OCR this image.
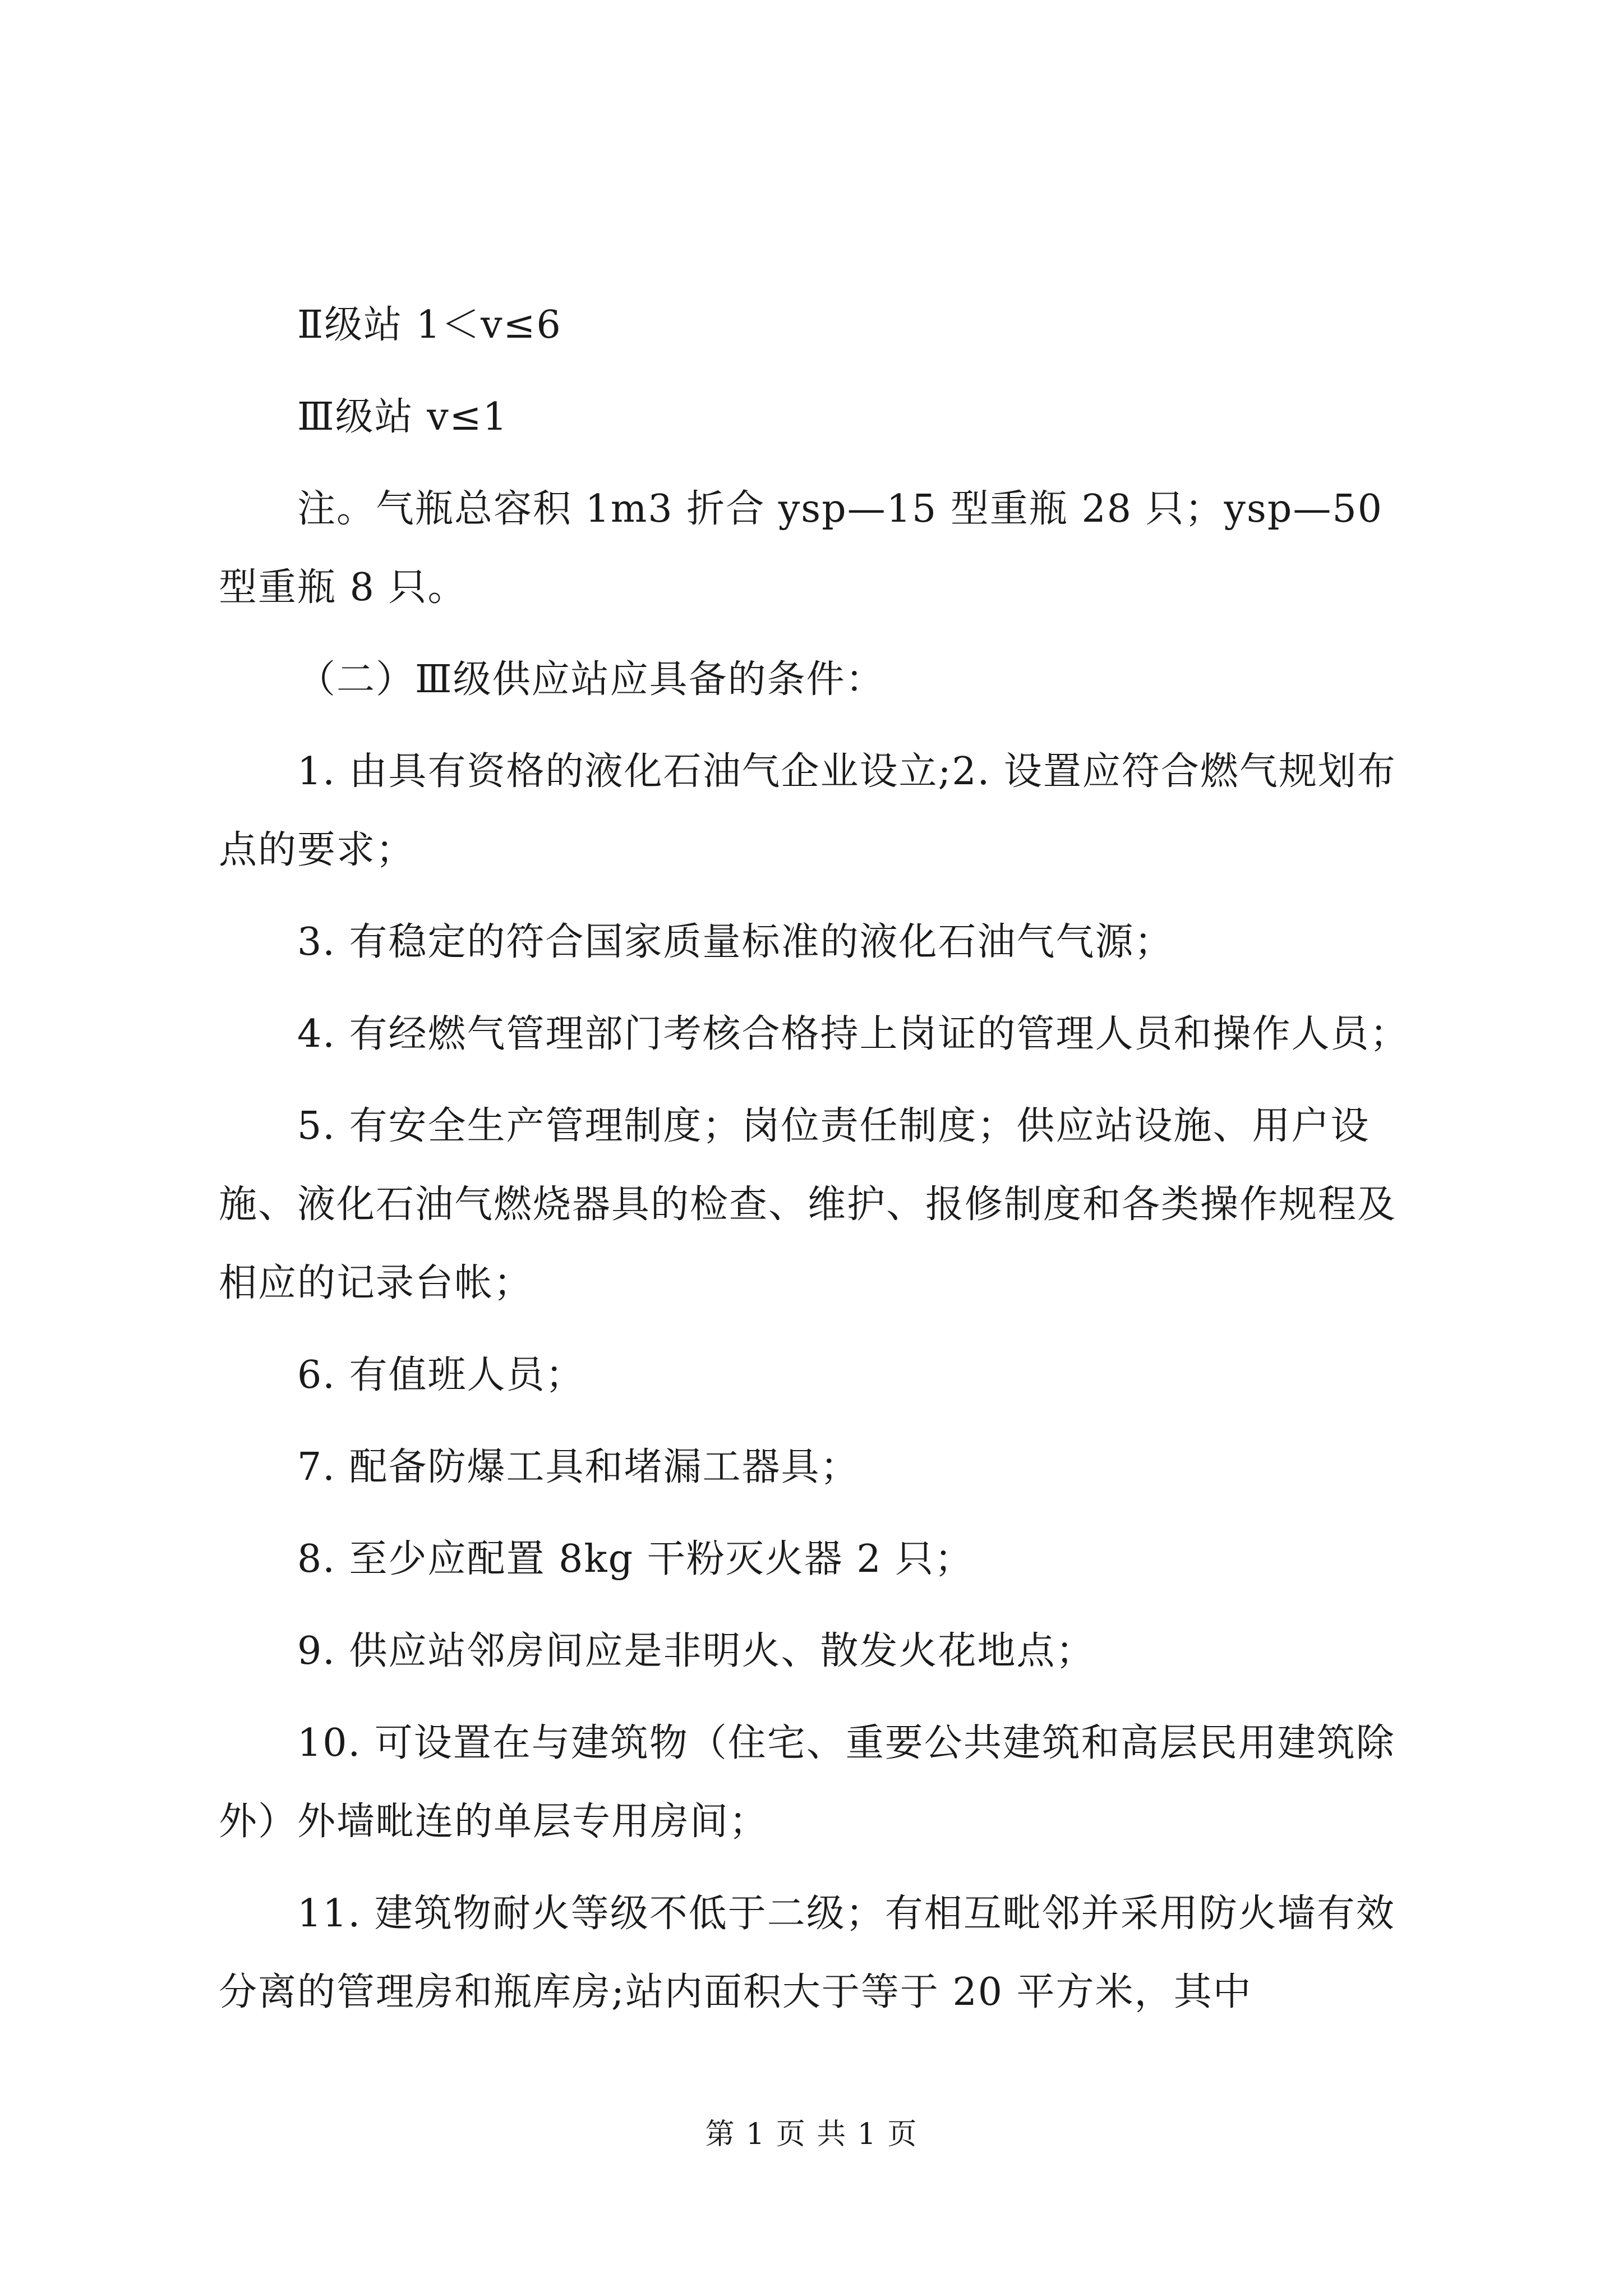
Ⅱ级站 1＜v≤6

Ⅲ级站 v≤1

注。气瓶总容积 1m3 折合 ysp—15 型重瓶 28 只；ysp—50 型重瓶 8 只。

（二）Ⅲ级供应站应具备的条件：

1. 由具有资格的液化石油气企业设立;2. 设置应符合燃气规划布点的要求；

3. 有稳定的符合国家质量标准的液化石油气气源；

4. 有经燃气管理部门考核合格持上岗证的管理人员和操作人员；

5. 有安全生产管理制度；岗位责任制度；供应站设施、用户设施、液化石油气燃烧器具的检查、维护、报修制度和各类操作规程及相应的记录台帐；

6. 有值班人员；

7. 配备防爆工具和堵漏工器具；

8. 至少应配置 8kg 干粉灭火器 2 只；

9. 供应站邻房间应是非明火、散发火花地点；

10. 可设置在与建筑物（住宅、重要公共建筑和高层民用建筑除外）外墙毗连的单层专用房间；

11. 建筑物耐火等级不低于二级；有相互毗邻并采用防火墙有效分离的管理房和瓶库房;站内面积大于等于 20 平方米，其中

第 1 页 共 1 页
